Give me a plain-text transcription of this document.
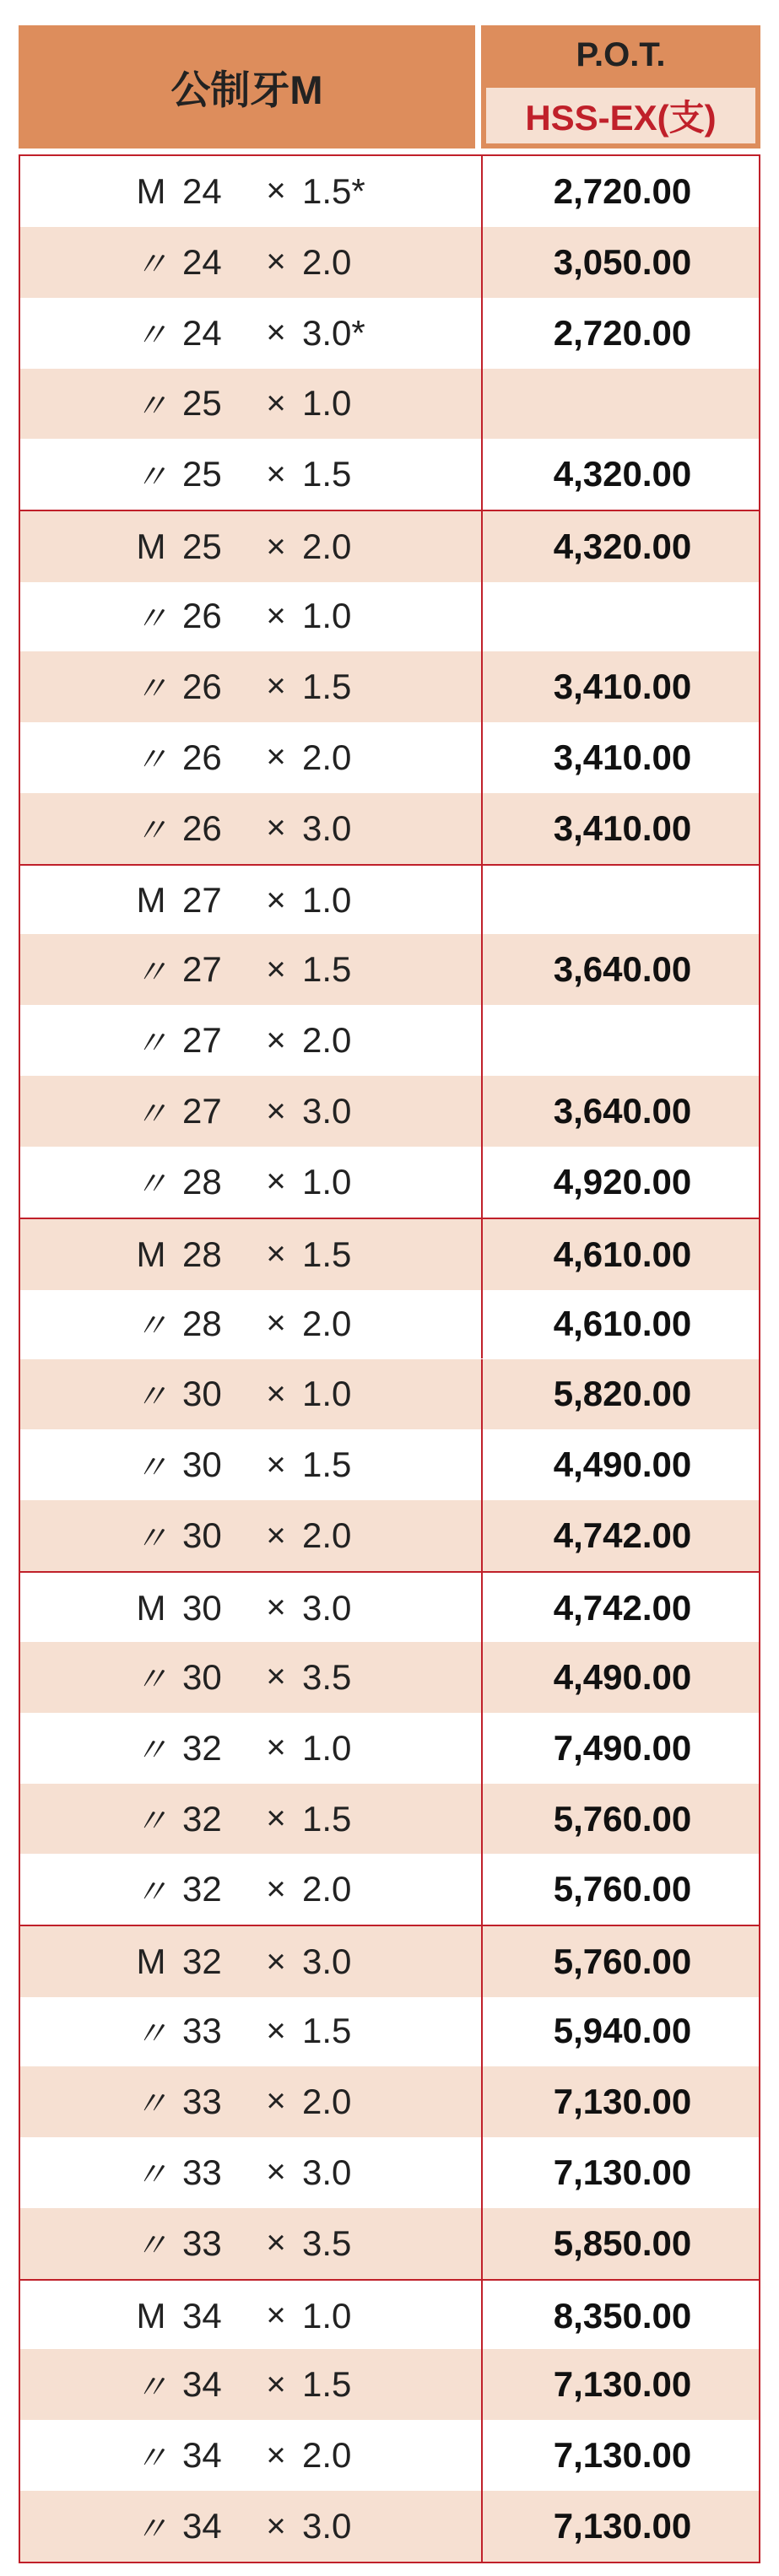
公制牙M
P.O.T.
HSS-EX(支)
M 24	× 1.5*	2,720.00
〃 24	× 2.0	3,050.00
〃 24	× 3.0*	2,720.00
〃 25	× 1.0
〃 25	× 1.5	4,320.00
M 25	× 2.0	4,320.00
〃 26	× 1.0
〃 26	× 1.5	3,410.00
〃 26	× 2.0	3,410.00
〃 26	× 3.0	3,410.00
M 27	× 1.0
〃 27	× 1.5	3,640.00
〃 27	× 2.0
〃 27	× 3.0	3,640.00
〃 28	× 1.0	4,920.00
M 28	× 1.5	4,610.00
〃 28	× 2.0	4,610.00
〃 30	× 1.0	5,820.00
〃 30	× 1.5	4,490.00
〃 30	× 2.0	4,742.00
M 30	× 3.0	4,742.00
〃 30	× 3.5	4,490.00
〃 32	× 1.0	7,490.00
〃 32	× 1.5	5,760.00
〃 32	× 2.0	5,760.00
M 32	× 3.0	5,760.00
〃 33	× 1.5	5,940.00
〃 33	× 2.0	7,130.00
〃 33	× 3.0	7,130.00
〃 33	× 3.5	5,850.00
M 34	× 1.0	8,350.00
〃 34	× 1.5	7,130.00
〃 34	× 2.0	7,130.00
〃 34	× 3.0	7,130.00
